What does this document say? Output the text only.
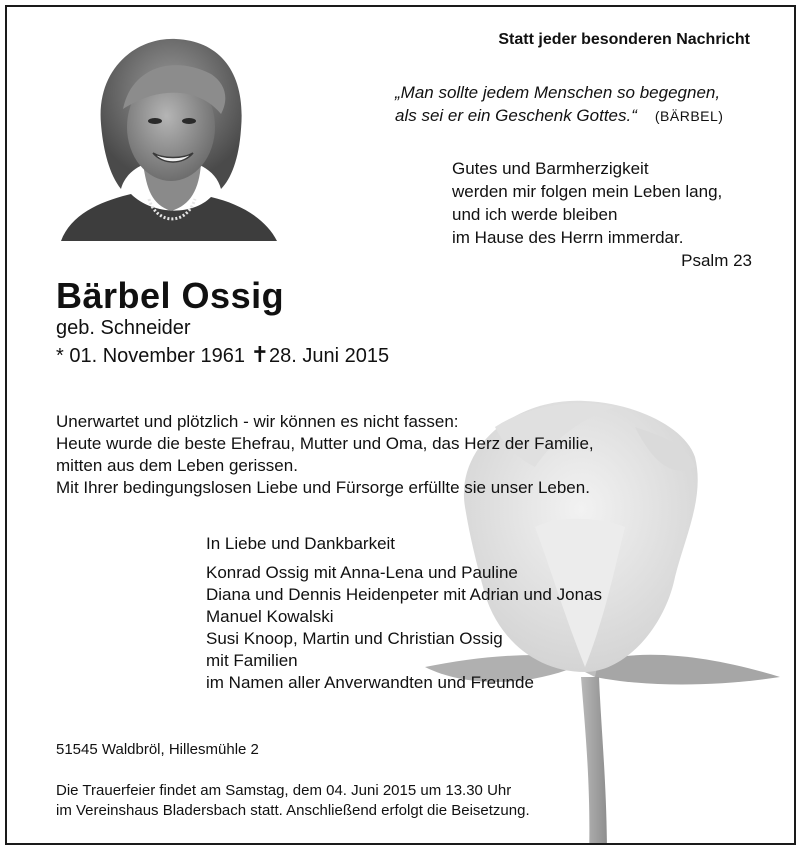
Statt jeder besonderen Nachricht
„Man sollte jedem Menschen so begegnen,
als sei er ein Geschenk Gottes.“ (BÄRBEL)
Gutes und Barmherzigkeit
werden mir folgen mein Leben lang,
und ich werde bleiben
im Hause des Herrn immerdar.
Psalm 23
Bärbel Ossig
geb. Schneider
* 01. November 1961 ✝28. Juni 2015
Unerwartet und plötzlich - wir können es nicht fassen:
Heute wurde die beste Ehefrau, Mutter und Oma, das Herz der Familie,
mitten aus dem Leben gerissen.
Mit Ihrer bedingungslosen Liebe und Fürsorge erfüllte sie unser Leben.
In Liebe und Dankbarkeit
Konrad Ossig mit Anna-Lena und Pauline
Diana und Dennis Heidenpeter mit Adrian und Jonas
Manuel Kowalski
Susi Knoop, Martin und Christian Ossig
mit Familien
im Namen aller Anverwandten und Freunde
51545 Waldbröl, Hillesmühle 2
Die Trauerfeier findet am Samstag, dem 04. Juni 2015 um 13.30 Uhr
im Vereinshaus Bladersbach statt. Anschließend erfolgt die Beisetzung.
